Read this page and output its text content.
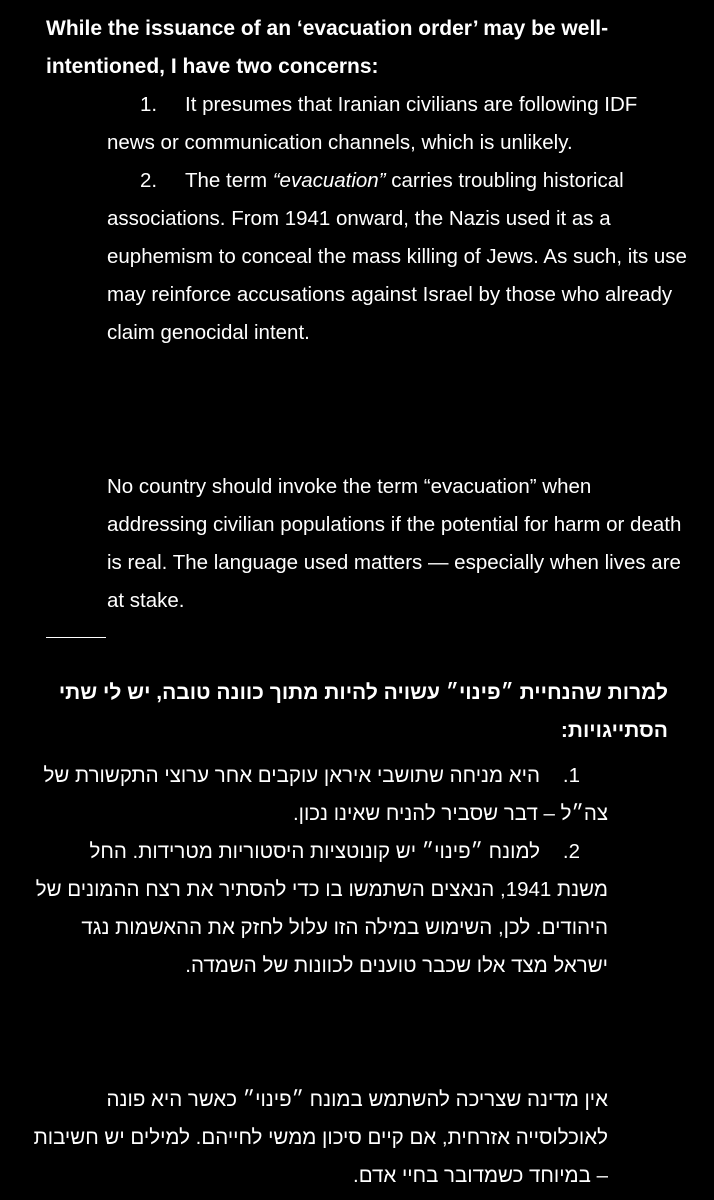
While the issuance of an ‘evacuation order’ may be well-intentioned, I have two concerns:

1. It presumes that Iranian civilians are following IDF news or communication channels, which is unlikely.
2. The term “evacuation” carries troubling historical associations. From 1941 onward, the Nazis used it as a euphemism to conceal the mass killing of Jews. As such, its use may reinforce accusations against Israel by those who already claim genocidal intent.

No country should invoke the term “evacuation” when addressing civilian populations if the potential for harm or death is real. The language used matters — especially when lives are at stake.

למרות שהנחיית ״פינוי״ עשויה להיות מתוך כוונה טובה, יש לי שתי הסתייגויות:

1.היא מניחה שתושבי איראן עוקבים אחר ערוצי התקשורת של צה״ל – דבר שסביר להניח שאינו נכון.
2.למונח ״פינוי״ יש קונוטציות היסטוריות מטרידות. החל משנת 1941, הנאצים השתמשו בו כדי להסתיר את רצח ההמונים של היהודים. לכן, השימוש במילה הזו עלול לחזק את ההאשמות נגד ישראל מצד אלו שכבר טוענים לכוונות של השמדה.

אין מדינה שצריכה להשתמש במונח ״פינוי״ כאשר היא פונה לאוכלוסייה אזרחית, אם קיים סיכון ממשי לחייהם. למילים יש חשיבות – במיוחד כשמדובר בחיי אדם.
